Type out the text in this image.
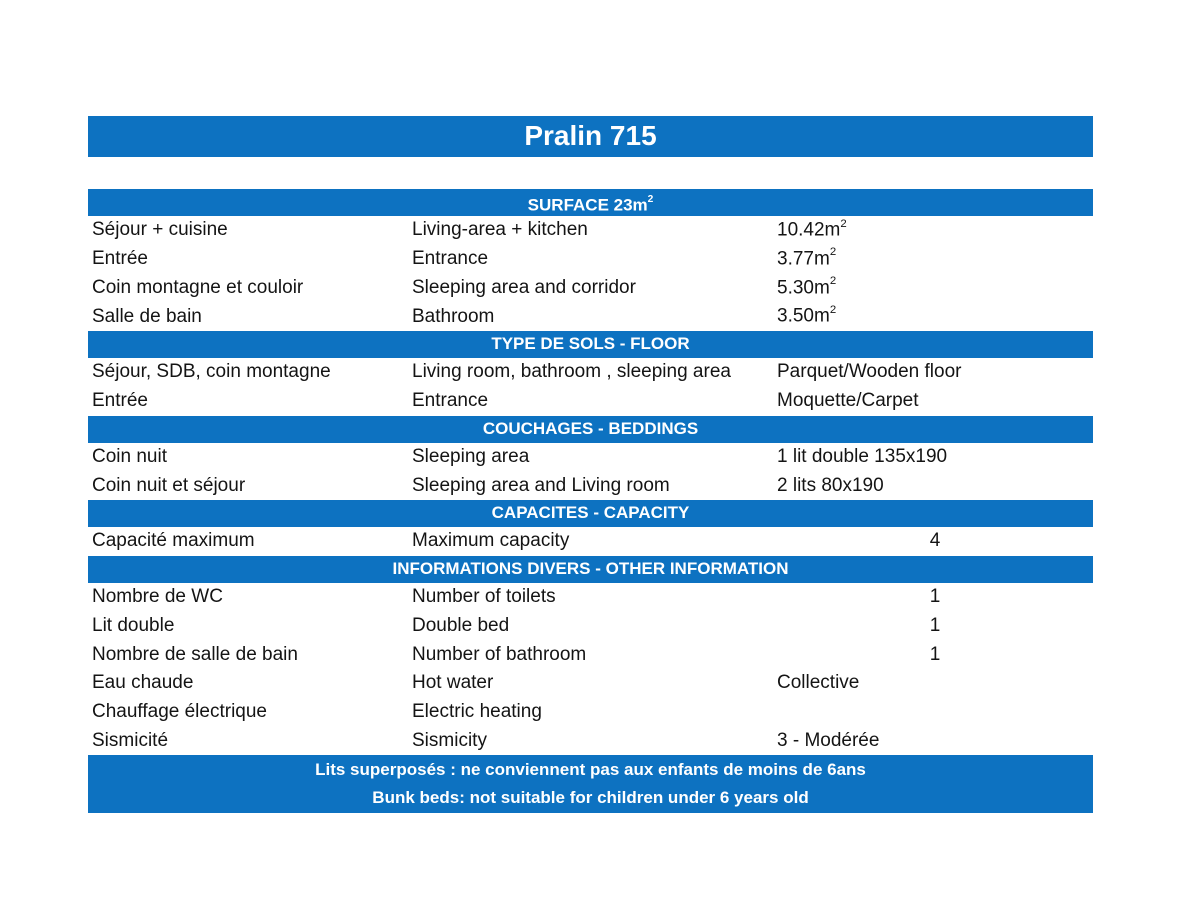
Pralin 715
SURFACE $23m^2$
Séjour + cuisine	Living-area + kitchen	$10.42m^2$
Entrée	Entrance	$3.77m^2$
Coin montagne et couloir	Sleeping area and corridor	$5.30m^2$
Salle de bain	Bathroom	$3.50m^2$
TYPE DE SOLS - FLOOR
Séjour, SDB, coin montagne	Living room, bathroom , sleeping area	Parquet/Wooden floor
Entrée	Entrance	Moquette/Carpet
COUCHAGES - BEDDINGS
Coin nuit	Sleeping area	1 lit double 135x190
Coin nuit et séjour	Sleeping area and Living room	2 lits 80x190
CAPACITES - CAPACITY
Capacité maximum	Maximum capacity	4
INFORMATIONS DIVERS - OTHER INFORMATION
Nombre de WC	Number of toilets	1
Lit double	Double bed	1
Nombre de salle de bain	Number of bathroom	1
Eau chaude	Hot water	Collective
Chauffage électrique	Electric heating
Sismicité	Sismicity	3 - Modérée
Lits superposés : ne conviennent pas aux enfants de moins de 6ans
Bunk beds: not suitable for children under 6 years old
